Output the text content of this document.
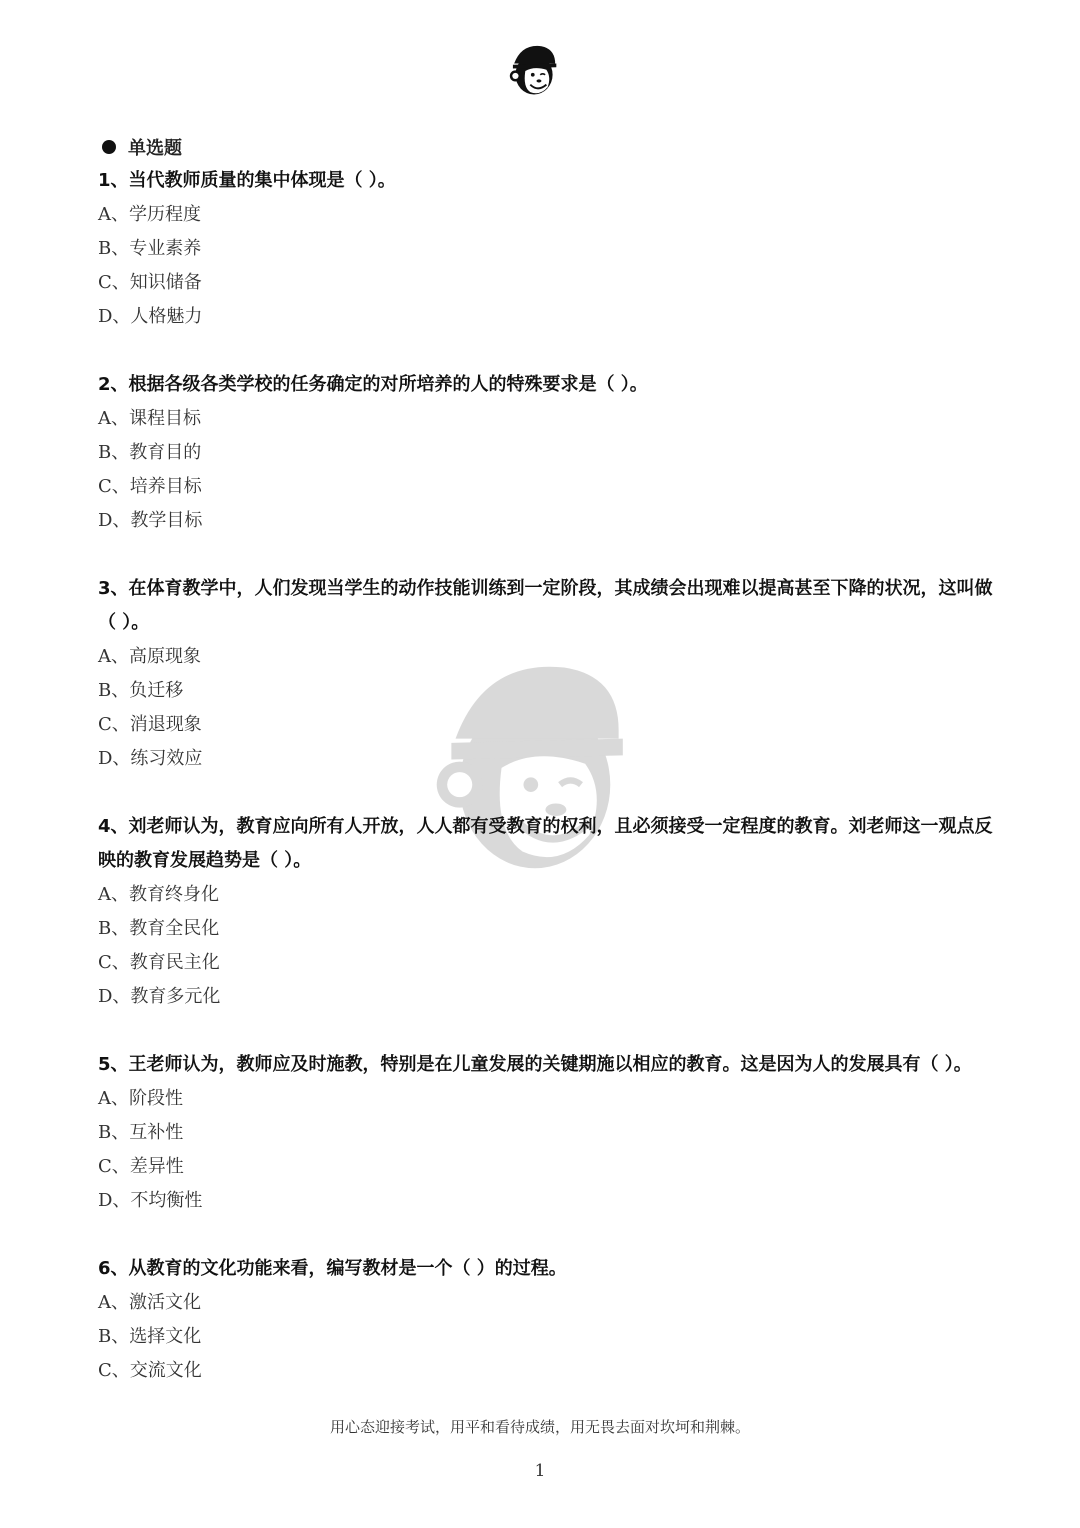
单选题
1、当代教师质量的集中体现是（ ）。
A、学历程度
B、专业素养
C、知识储备
D、人格魅力
2、根据各级各类学校的任务确定的对所培养的人的特殊要求是（ ）。
A、课程目标
B、教育目的
C、培养目标
D、教学目标
3、在体育教学中，人们发现当学生的动作技能训练到一定阶段，其成绩会出现难以提高甚至下降的状况，这叫做（ ）。
A、高原现象
B、负迁移
C、消退现象
D、练习效应
4、刘老师认为，教育应向所有人开放，人人都有受教育的权利，且必须接受一定程度的教育。刘老师这一观点反映的教育发展趋势是（ ）。
A、教育终身化
B、教育全民化
C、教育民主化
D、教育多元化
5、王老师认为，教师应及时施教，特别是在儿童发展的关键期施以相应的教育。这是因为人的发展具有（ ）。
A、阶段性
B、互补性
C、差异性
D、不均衡性
6、从教育的文化功能来看，编写教材是一个（ ）的过程。
A、激活文化
B、选择文化
C、交流文化
用心态迎接考试，用平和看待成绩，用无畏去面对坎坷和荆棘。
1
